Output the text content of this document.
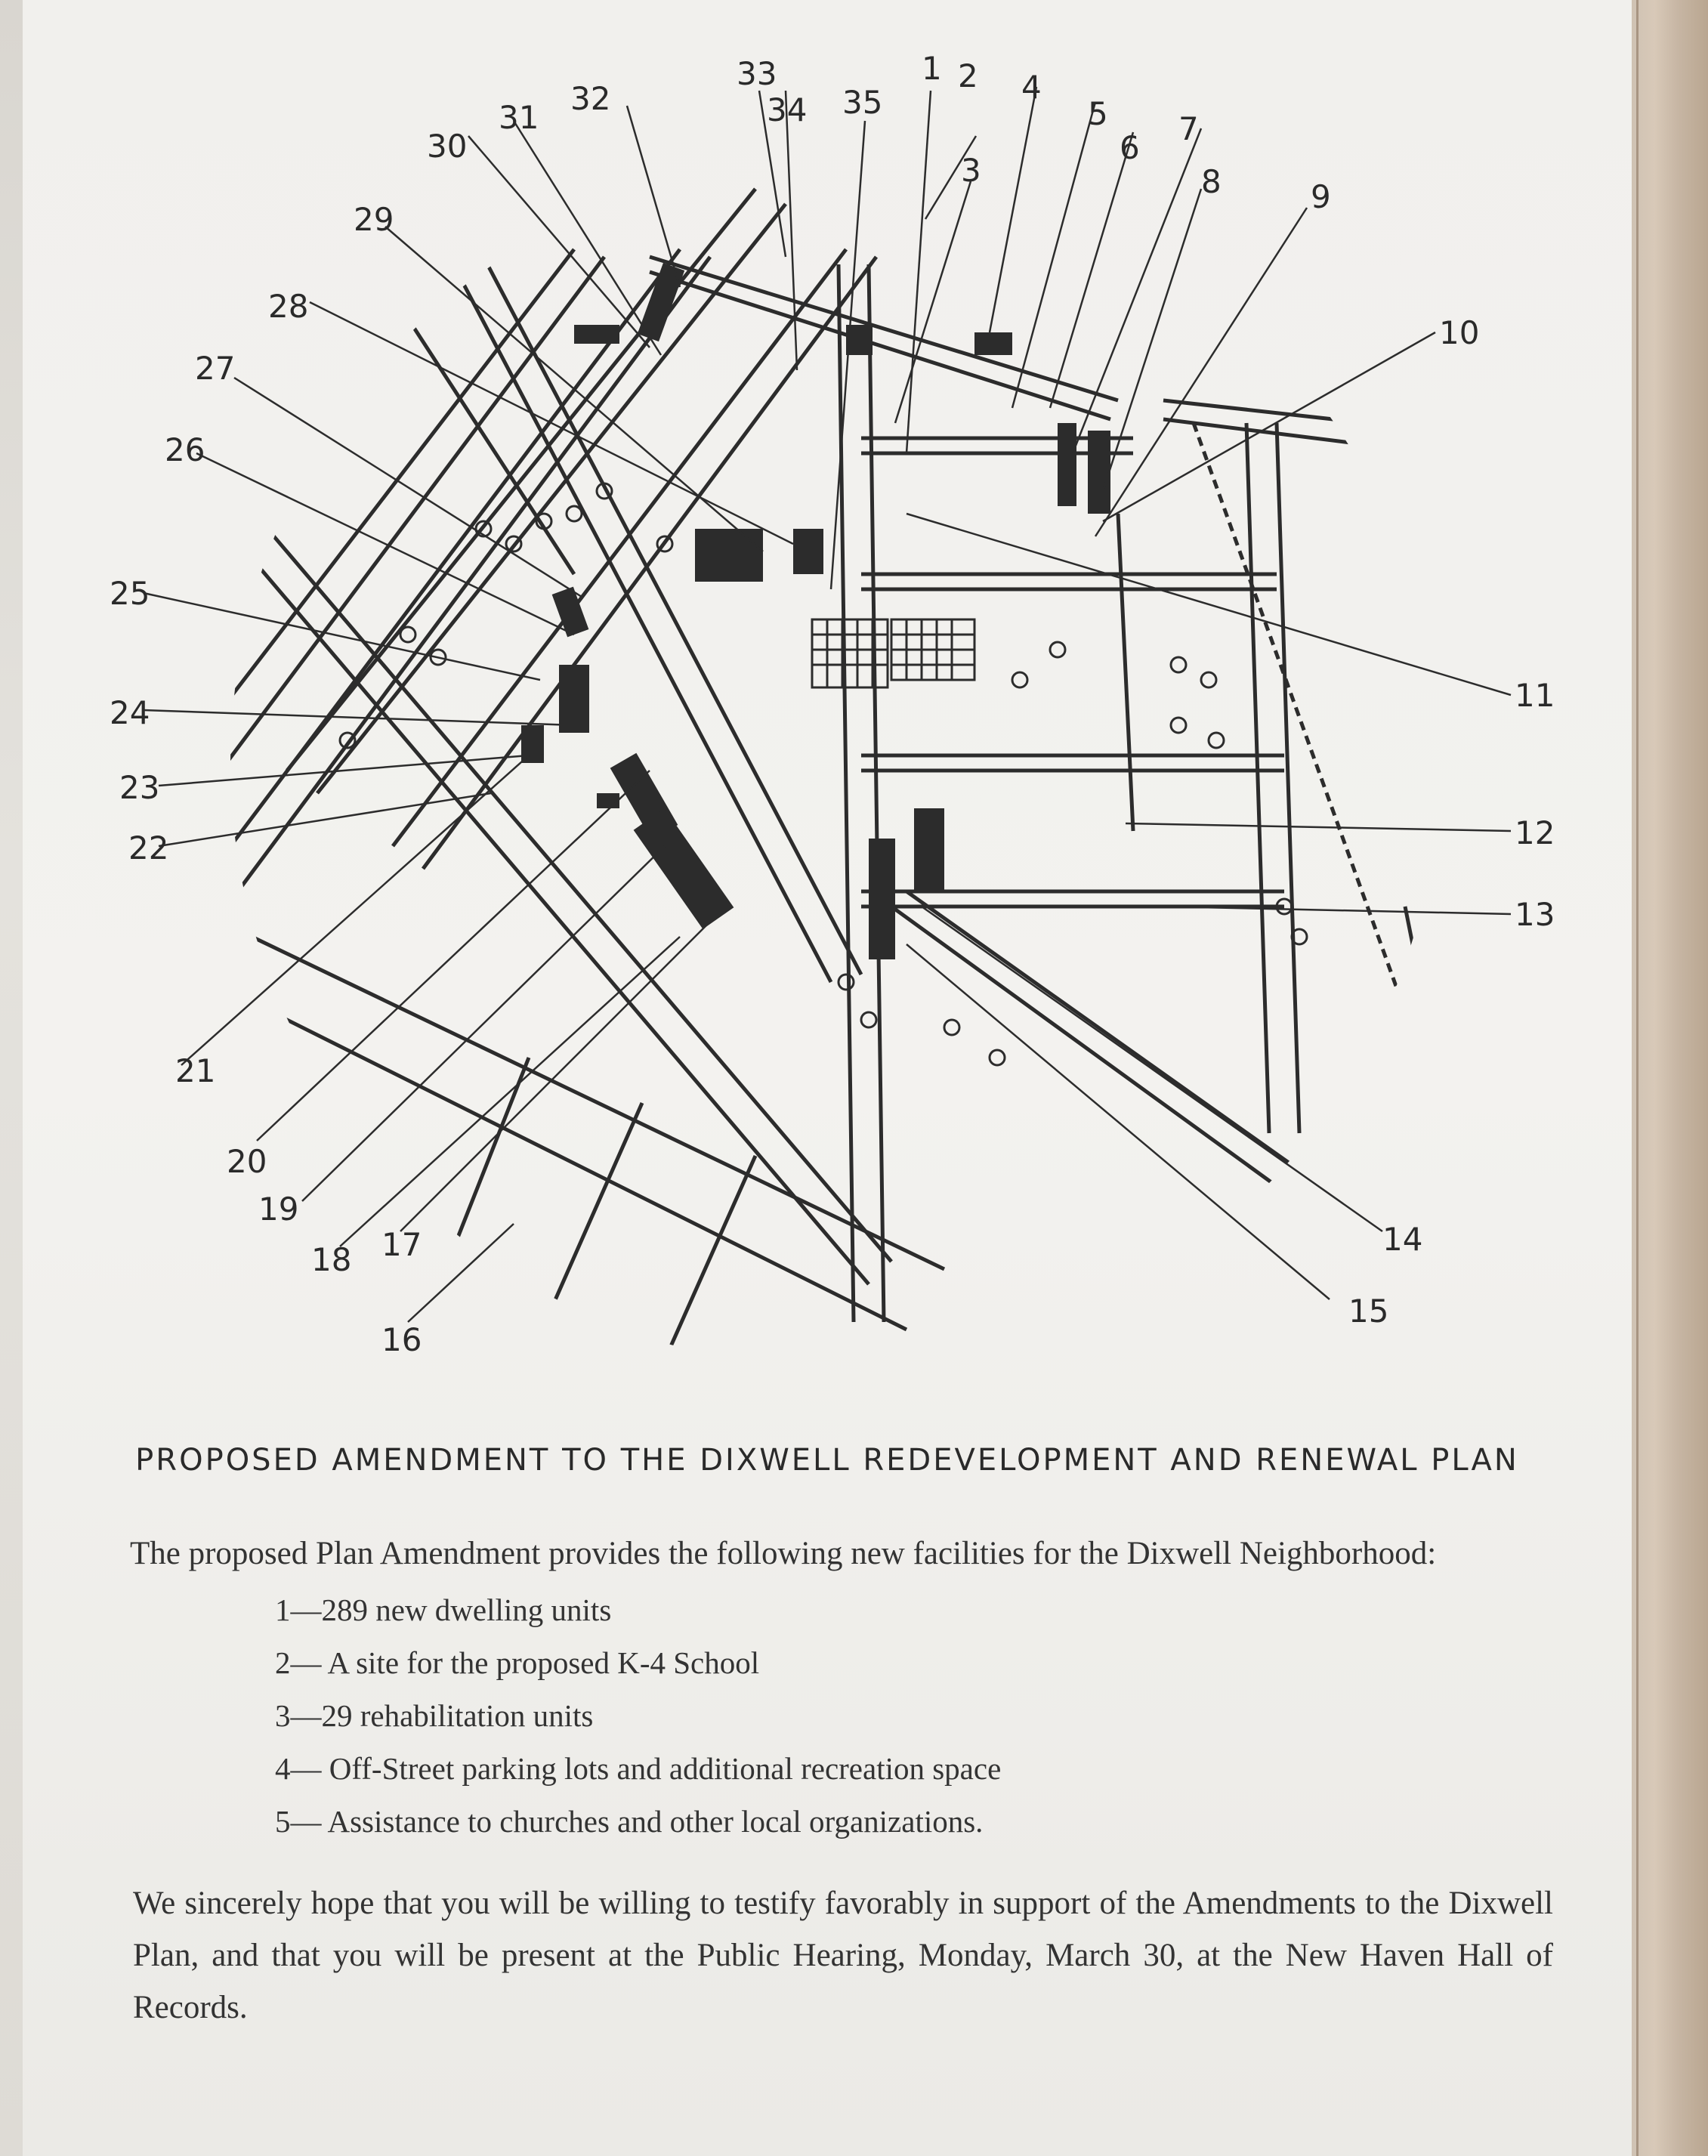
33
34 35
1 2
3
4
5
6
7
8	9
32
31
30
29
28
10
11
12
13
14
15
27
26
25
24
23
22
21
20
19
18 17
16
PROPOSED AMENDMENT TO THE DIXWELL REDEVELOPMENT AND RENEWAL PLAN
The proposed Plan Amendment provides the following new facilities for the Dixwell Neighborhood:
1—289 new dwelling units
2— A site for the proposed K-4 School
3—29 rehabilitation units
4— Off-Street parking lots and additional recreation space
5— Assistance to churches and other local organizations.
We sincerely hope that you will be willing to testify favorably in support of the Amendments to the Dixwell Plan, and that you will be present at the Public Hearing, Monday, March 30, at the New Haven Hall of Records.
